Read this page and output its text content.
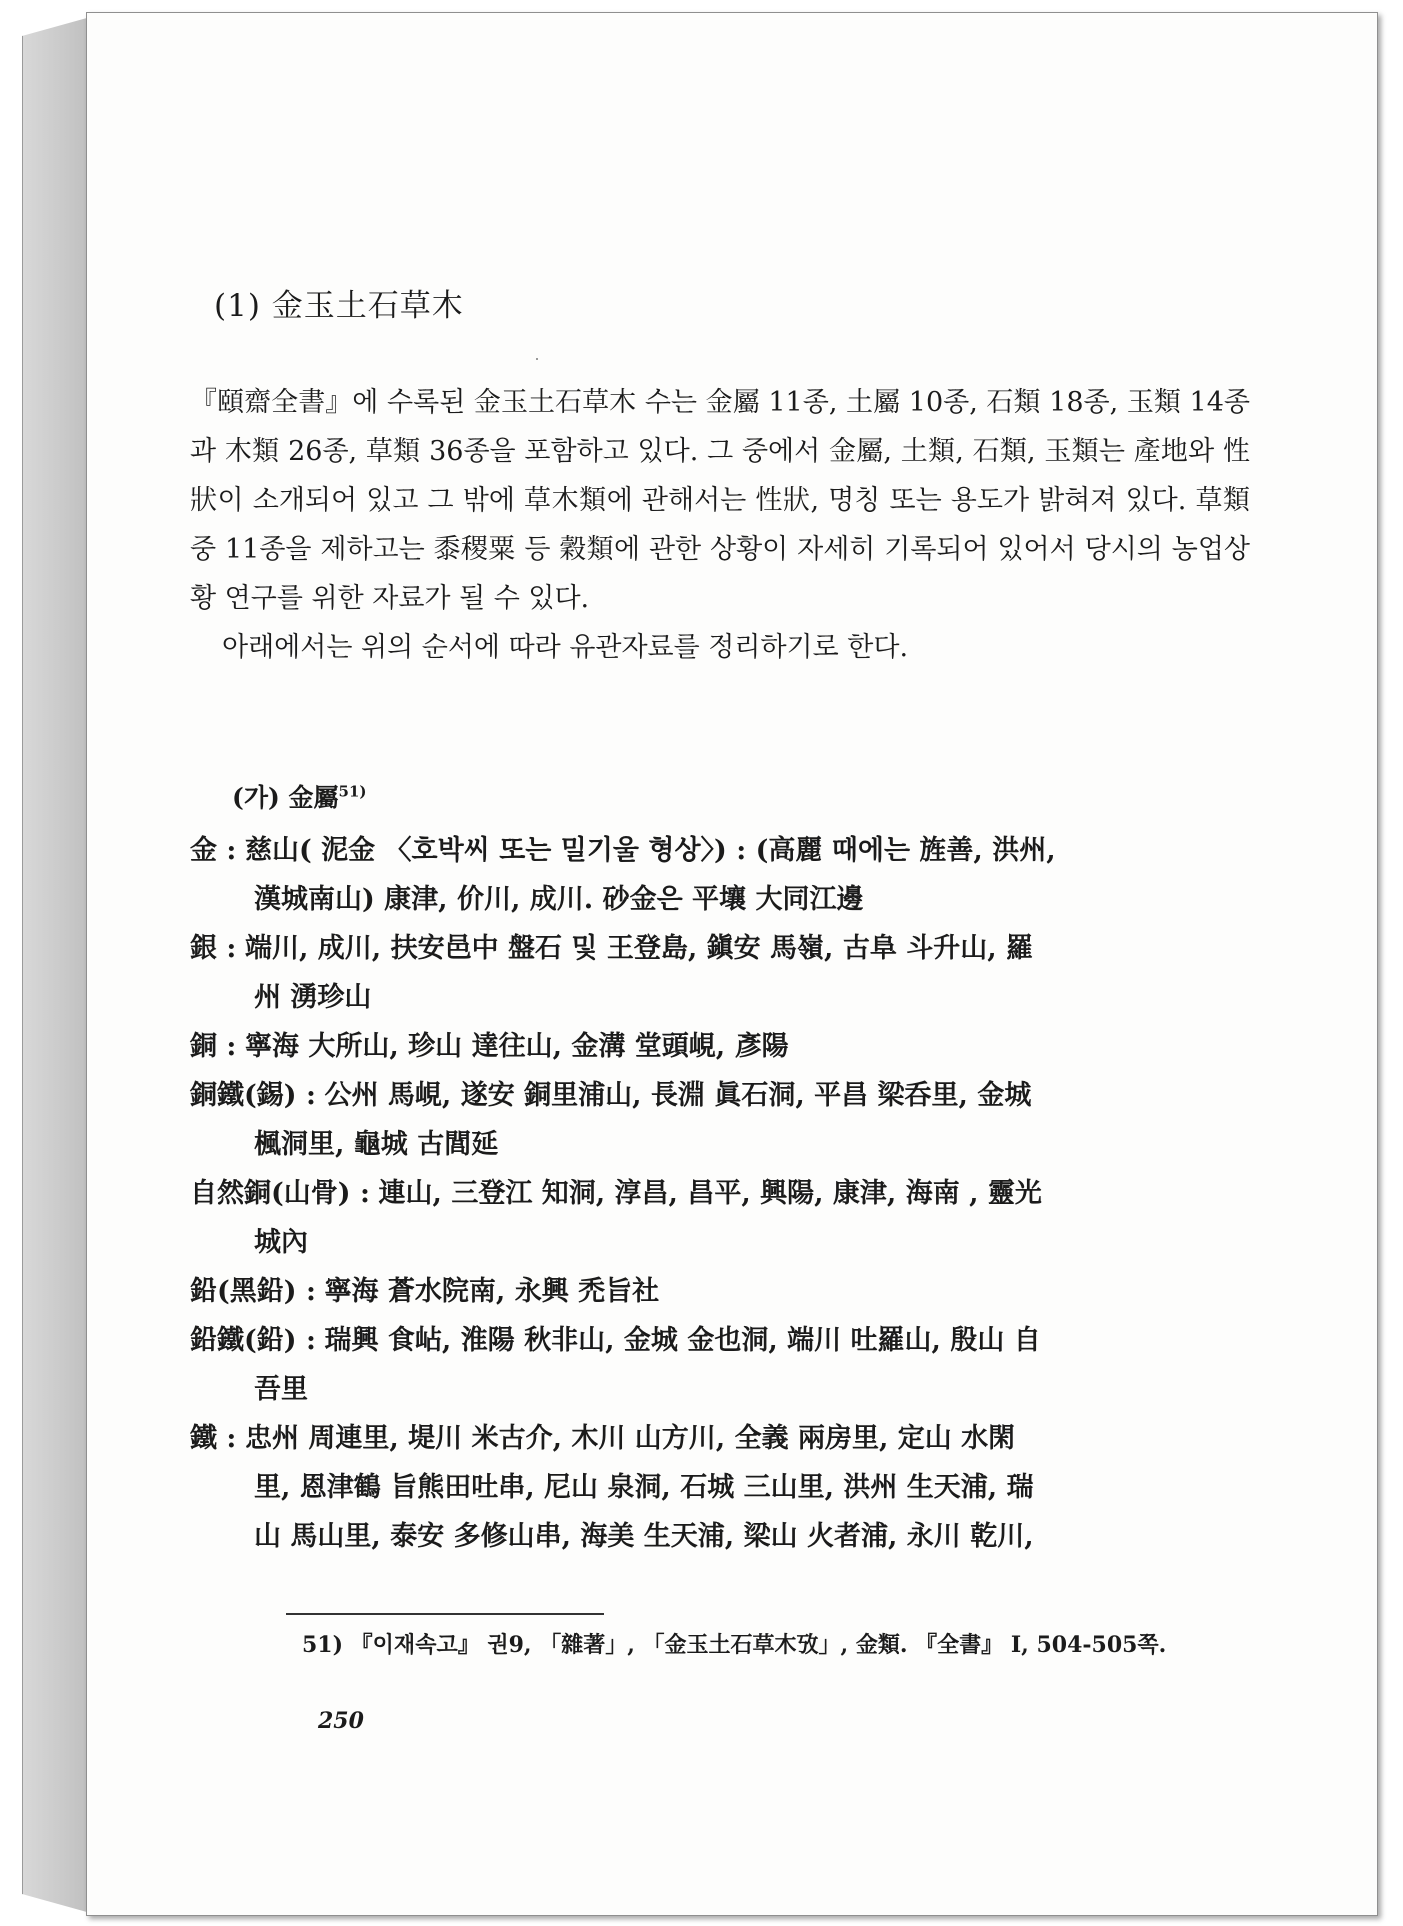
(1) 金玉土石草木

『頤齋全書』에 수록된 金玉土石草木 수는 金屬 11종, 土屬 10종, 石類 18종, 玉類 14종과 木類 26종, 草類 36종을 포함하고 있다. 그 중에서 金屬, 土類, 石類, 玉類는 產地와 性狀이 소개되어 있고 그 밖에 草木類에 관해서는 性狀, 명칭 또는 용도가 밝혀져 있다. 草類 중 11종을 제하고는 黍稷粟 등 穀類에 관한 상황이 자세히 기록되어 있어서 당시의 농업상황 연구를 위한 자료가 될 수 있다.

아래에서는 위의 순서에 따라 유관자료를 정리하기로 한다.

(가) 金屬$^{51)}$
金 : 慈山( 泥金 〈호박씨 또는 밀기울 형상〉) : (高麗 때에는 旌善, 洪州,
漢城南山) 康津, 价川, 成川. 砂金은 平壤 大同江邊
銀 : 端川, 成川, 扶安邑中 盤石 및 王登島, 鎭安 馬嶺, 古阜 斗升山, 羅
州 湧珍山
銅 : 寧海 大所山, 珍山 達往山, 金溝 堂頭峴, 彥陽
銅鐵(錫) : 公州 馬峴, 遂安 銅里浦山, 長淵 眞石洞, 平昌 梁呑里, 金城
楓洞里, 龜城 古閭延
自然銅(山骨) : 連山, 三登江 知洞, 淳昌, 昌平, 興陽, 康津, 海南 , 靈光
城內
鉛(黑鉛) : 寧海 蒼水院南, 永興 禿旨社
鉛鐵(鉛) : 瑞興 食岾, 淮陽 秋非山, 金城 金也洞, 端川 吐羅山, 殷山 自
吾里
鐵 : 忠州 周連里, 堤川 米古介, 木川 山方川, 全義 兩房里, 定山 水閑
里, 恩津鶴 旨熊田吐串, 尼山 泉洞, 石城 三山里, 洪州 生天浦, 瑞
山 馬山里, 泰安 多修山串, 海美 生天浦, 梁山 火者浦, 永川 乾川,
51) 『이재속고』 권9, 「雜著」, 「金玉土石草木攷」, 金類. 『全書』 Ⅰ, 504-505쪽.
250
